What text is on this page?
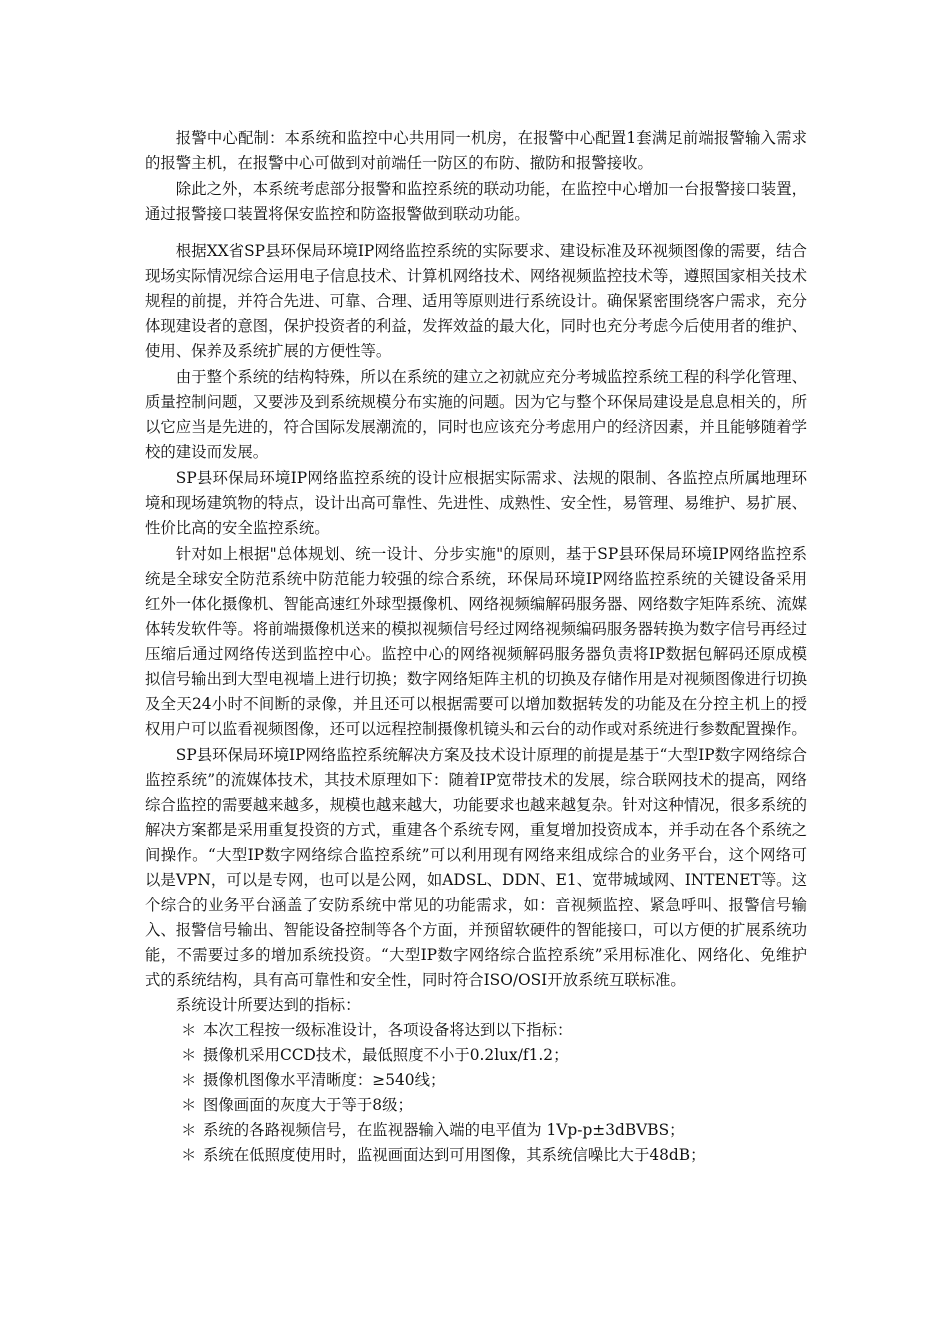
报警中心配制：本系统和监控中心共用同一机房，在报警中心配置1套满足前端报警输入需求的报警主机，在报警中心可做到对前端任一防区的布防、撤防和报警接收。

除此之外，本系统考虑部分报警和监控系统的联动功能，在监控中心增加一台报警接口装置，通过报警接口装置将保安监控和防盗报警做到联动功能。

根据XX省SP县环保局环境IP网络监控系统的实际要求、建设标准及环视频图像的需要，结合现场实际情况综合运用电子信息技术、计算机网络技术、网络视频监控技术等，遵照国家相关技术规程的前提，并符合先进、可靠、合理、适用等原则进行系统设计。确保紧密围绕客户需求，充分体现建设者的意图，保护投资者的利益，发挥效益的最大化，同时也充分考虑今后使用者的维护、使用、保养及系统扩展的方便性等。

由于整个系统的结构特殊，所以在系统的建立之初就应充分考城监控系统工程的科学化管理、质量控制问题，又要涉及到系统规模分布实施的问题。因为它与整个环保局建设是息息相关的，所以它应当是先进的，符合国际发展潮流的，同时也应该充分考虑用户的经济因素，并且能够随着学校的建设而发展。

SP县环保局环境IP网络监控系统的设计应根据实际需求、法规的限制、各监控点所属地理环境和现场建筑物的特点，设计出高可靠性、先进性、成熟性、安全性，易管理、易维护、易扩展、性价比高的安全监控系统。

针对如上根据"总体规划、统一设计、分步实施"的原则，基于SP县环保局环境IP网络监控系统是全球安全防范系统中防范能力较强的综合系统，环保局环境IP网络监控系统的关键设备采用红外一体化摄像机、智能高速红外球型摄像机、网络视频编解码服务器、网络数字矩阵系统、流媒体转发软件等。将前端摄像机送来的模拟视频信号经过网络视频编码服务器转换为数字信号再经过压缩后通过网络传送到监控中心。监控中心的网络视频解码服务器负责将IP数据包解码还原成模拟信号输出到大型电视墙上进行切换；数字网络矩阵主机的切换及存储作用是对视频图像进行切换及全天24小时不间断的录像，并且还可以根据需要可以增加数据转发的功能及在分控主机上的授权用户可以监看视频图像，还可以远程控制摄像机镜头和云台的动作或对系统进行参数配置操作。

SP县环保局环境IP网络监控系统解决方案及技术设计原理的前提是基于“大型IP数字网络综合监控系统”的流媒体技术，其技术原理如下：随着IP宽带技术的发展，综合联网技术的提高，网络综合监控的需要越来越多，规模也越来越大，功能要求也越来越复杂。针对这种情况，很多系统的解决方案都是采用重复投资的方式，重建各个系统专网，重复增加投资成本，并手动在各个系统之间操作。“大型IP数字网络综合监控系统”可以利用现有网络来组成综合的业务平台，这个网络可以是VPN，可以是专网，也可以是公网，如ADSL、DDN、E1、宽带城域网、INTENET等。这个综合的业务平台涵盖了安防系统中常见的功能需求，如：音视频监控、紧急呼叫、报警信号输入、报警信号输出、智能设备控制等各个方面，并预留软硬件的智能接口，可以方便的扩展系统功能，不需要过多的增加系统投资。“大型IP数字网络综合监控系统”采用标准化、网络化、免维护式的系统结构，具有高可靠性和安全性，同时符合ISO/OSI开放系统互联标准。

系统设计所要达到的指标：

＊ 本次工程按一级标准设计，各项设备将达到以下指标：
＊ 摄像机采用CCD技术，最低照度不小于0.2lux/f1.2；
＊ 摄像机图像水平清晰度：≥540线；
＊ 图像画面的灰度大于等于8级；
＊ 系统的各路视频信号，在监视器输入端的电平值为 1Vp-p±3dBVBS；
＊ 系统在低照度使用时，监视画面达到可用图像，其系统信噪比大于48dB；
